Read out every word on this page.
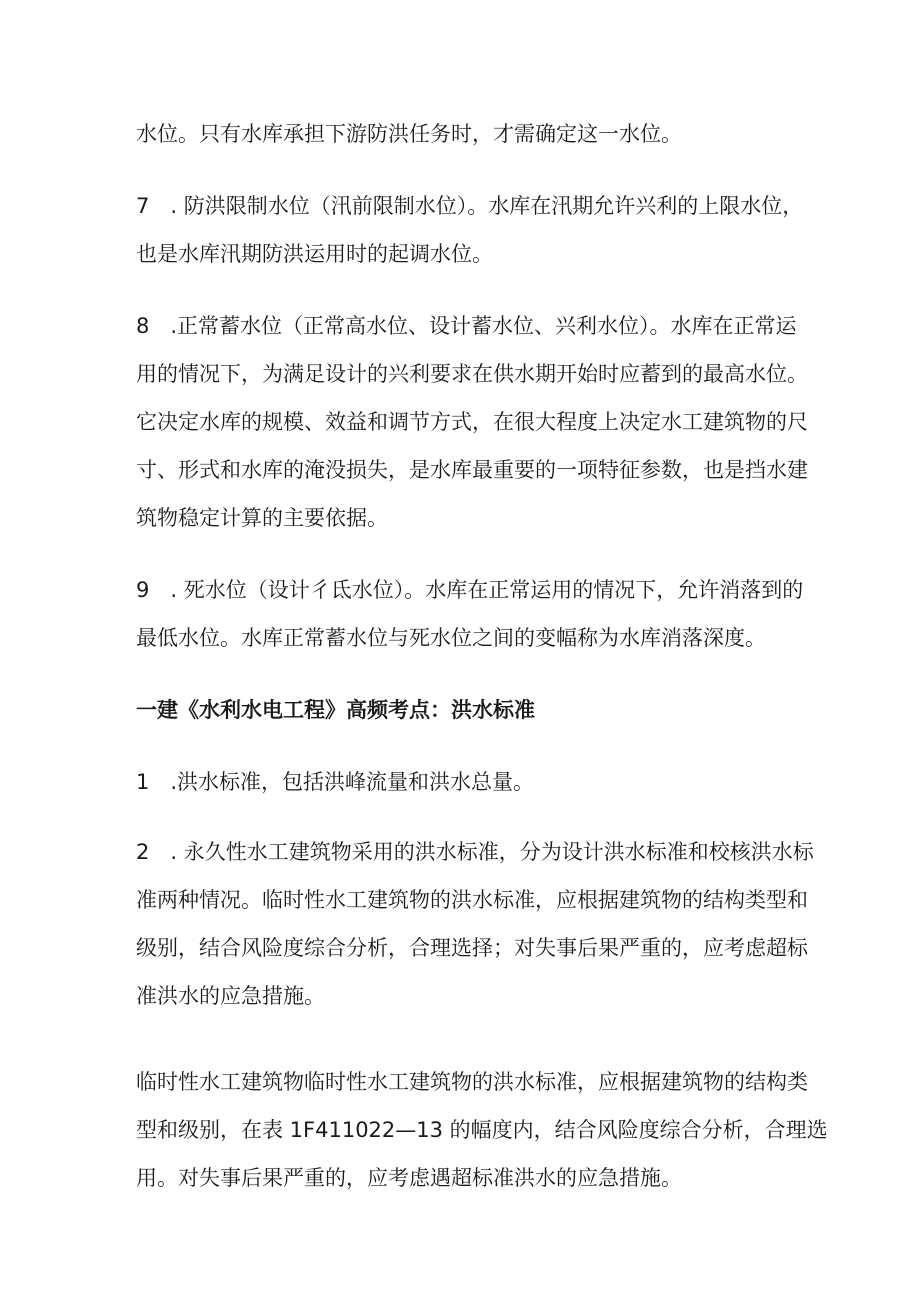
水位。只有水库承担下游防洪任务时，才需确定这一水位。

7　. 防洪限制水位（汛前限制水位）。水库在汛期允许兴利的上限水位，
也是水库汛期防洪运用时的起调水位。

8　.正常蓄水位（正常高水位、设计蓄水位、兴利水位）。水库在正常运
用的情况下，为满足设计的兴利要求在供水期开始时应蓄到的最高水位。
它决定水库的规模、效益和调节方式，在很大程度上决定水工建筑物的尺
寸、形式和水库的淹没损失，是水库最重要的一项特征参数，也是挡水建
筑物稳定计算的主要依据。

9　. 死水位（设计彳氐水位）。水库在正常运用的情况下，允许消落到的
最低水位。水库正常蓄水位与死水位之间的变幅称为水库消落深度。

一建《水利水电工程》高频考点：洪水标准

1　.洪水标准，包括洪峰流量和洪水总量。

2　. 永久性水工建筑物采用的洪水标准，分为设计洪水标准和校核洪水标
准两种情况。临时性水工建筑物的洪水标准，应根据建筑物的结构类型和
级别，结合风险度综合分析，合理选择；对失事后果严重的，应考虑超标
准洪水的应急措施。

临时性水工建筑物临时性水工建筑物的洪水标准，应根据建筑物的结构类
型和级别，在表 1F411022—13 的幅度内，结合风险度综合分析，合理选
用。对失事后果严重的，应考虑遇超标准洪水的应急措施。
